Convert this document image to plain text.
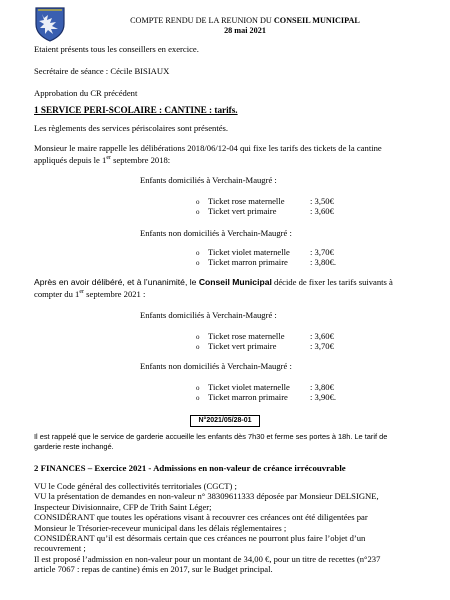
COMPTE RENDU DE LA REUNION DU CONSEIL MUNICIPAL
28 mai 2021
Etaient présents tous les conseillers en exercice.
Secrétaire de séance : Cécile BISIAUX
Approbation du CR précédent
1 SERVICE PERI-SCOLAIRE : CANTINE : tarifs.
Les règlements des services périscolaires sont présentés.
Monsieur le maire rappelle les délibérations 2018/06/12-04 qui fixe les tarifs des tickets de la cantine
appliqués depuis le 1er septembre 2018:
Enfants domiciliés à Verchain-Maugré :
o Ticket rose maternelle	: 3,50€
o Ticket vert primaire	: 3,60€
Enfants non domiciliés à Verchain-Maugré :
o Ticket violet maternelle	: 3,70€
o Ticket marron primaire	: 3,80€.
Après en avoir délibéré, et à l’unanimité, le Conseil Municipal décide de fixer les tarifs suivants à
compter du 1er septembre 2021 :
Enfants domiciliés à Verchain-Maugré :
o Ticket rose maternelle	: 3,60€
o Ticket vert primaire	: 3,70€
Enfants non domiciliés à Verchain-Maugré :
o Ticket violet maternelle	: 3,80€
o Ticket marron primaire	: 3,90€.
N°2021/05/28-01
Il est rappelé que le service de garderie accueille les enfants dès 7h30 et ferme ses portes à 18h. Le tarif de
garderie reste inchangé.
2 FINANCES – Exercice 2021 - Admissions en non-valeur de créance irrécouvrable
VU le Code général des collectivités territoriales (CGCT) ;
VU la présentation de demandes en non-valeur n° 38309611333 déposée par Monsieur DELSIGNE,
Inspecteur Divisionnaire, CFP de Trith Saint Léger;
CONSIDÉRANT que toutes les opérations visant à recouvrer ces créances ont été diligentées par
Monsieur le Trésorier-receveur municipal dans les délais réglementaires ;
CONSIDÉRANT qu’il est désormais certain que ces créances ne pourront plus faire l’objet d’un
recouvrement ;
Il est proposé l’admission en non-valeur pour un montant de 34,00 €, pour un titre de recettes (n°237
article 7067 : repas de cantine) émis en 2017, sur le Budget principal.
